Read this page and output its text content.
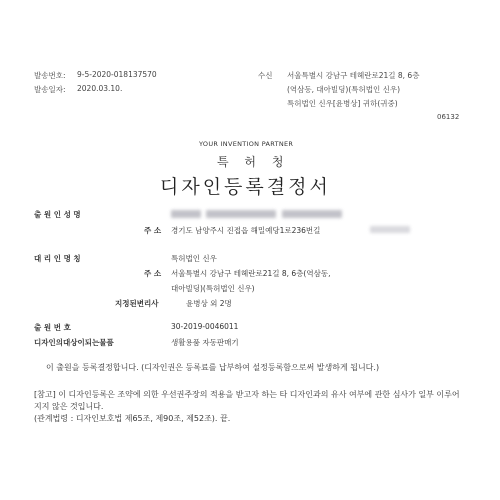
발송번호: 9-5-2020-018137570
발송일자: 2020.03.10.
수신 서울특별시 강남구 테헤란로21길 8, 6층
(역삼동, 대아빌딩)(특허법인 신우)
특허법인 신우[윤병상] 귀하(귀중)
06132
YOUR INVENTION PARTNER
특 허 청
디자인등록결정서
출 원 인 성 명
주 소 경기도 남양주시 진접읍 해밀예당1로236번길
대 리 인 명 칭	특허법인 신우
주 소 서울특별시 강남구 테헤란로21길 8, 6층(역삼동,
대아빌딩)(특허법인 신우)
지정된변리사	윤병상 외 2명
출 원 번 호	30-2019-0046011
디자인의대상이되는물품	생활용품 자동판매기
이 출원을 등록결정합니다. (디자인권은 등록료를 납부하여 설정등록함으로써 발생하게 됩니다.)
[참고] 이 디자인등록은 조약에 의한 우선권주장의 적용을 받고자 하는 타 디자인과의 유사 여부에 관한 심사가 일부 이루어지지 않은 것입니다.
(관계법령 : 디자인보호법 제65조, 제90조, 제52조). 끝.
